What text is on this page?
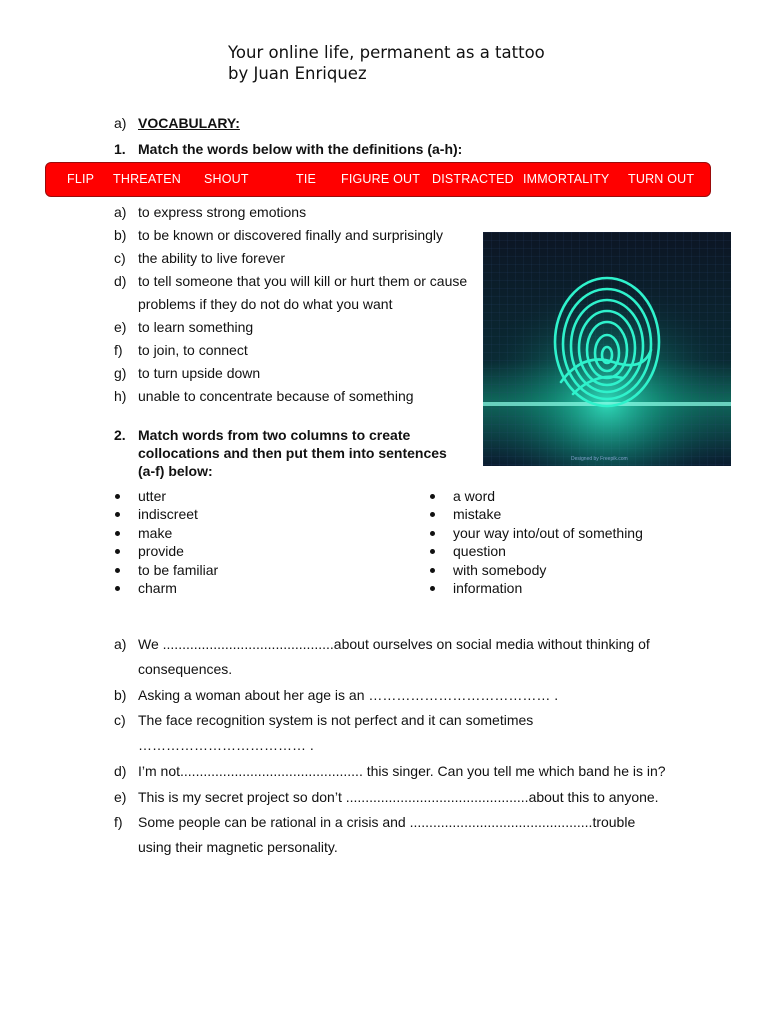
Your online life, permanent as a tattoo
by Juan Enriquez
a) VOCABULARY:
1. Match the words below with the definitions (a-h):
FLIP THREATEN SHOUT	TIE FIGURE OUT DISTRACTED IMMORTALITY TURN OUT
a) to express strong emotions
b) to be known or discovered finally and surprisingly
c) the ability to live forever
d) to tell someone that you will kill or hurt them or cause
problems if they do not do what you want
e) to learn something
f) to join, to connect
g) to turn upside down
h) unable to concentrate because of something
Designed by Freepik.com
2. Match words from two columns to create
collocations and then put them into sentences
(a-f) below:
utter
indiscreet
make
provide
to be familiar
charm
a word
mistake
your way into/out of something
question
with somebody
information
a) We ............................................about ourselves on social media without thinking of
consequences.
b) Asking a woman about her age is an ………………………………… .
c) The face recognition system is not perfect and it can sometimes
……………………………… .
d) I’m not............................................... this singer. Can you tell me which band he is in?
e) This is my secret project so don’t ...............................................about this to anyone.
f) Some people can be rational in a crisis and ...............................................trouble
using their magnetic personality.
